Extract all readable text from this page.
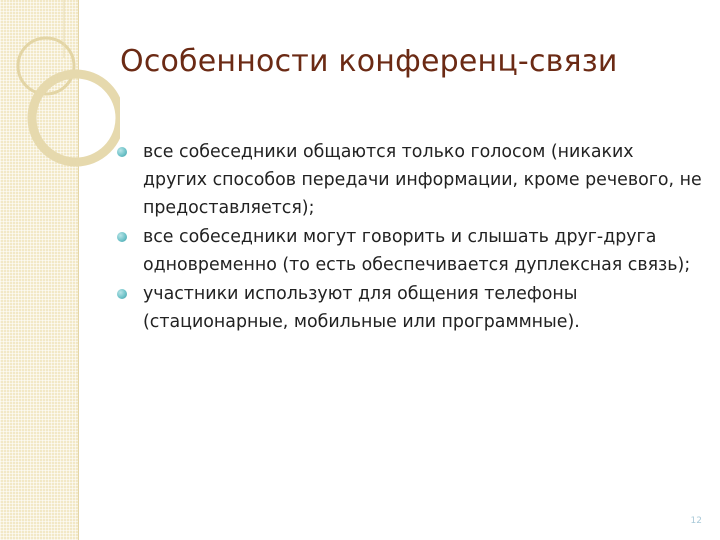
Особенности конференц-связи
все собеседники общаются только голосом (никаких других способов передачи информации, кроме речевого, не предоставляется);
все собеседники могут говорить и слышать друг-друга одновременно (то есть обеспечивается дуплексная связь);
участники используют для общения телефоны (стационарные, мобильные или программные).
12
